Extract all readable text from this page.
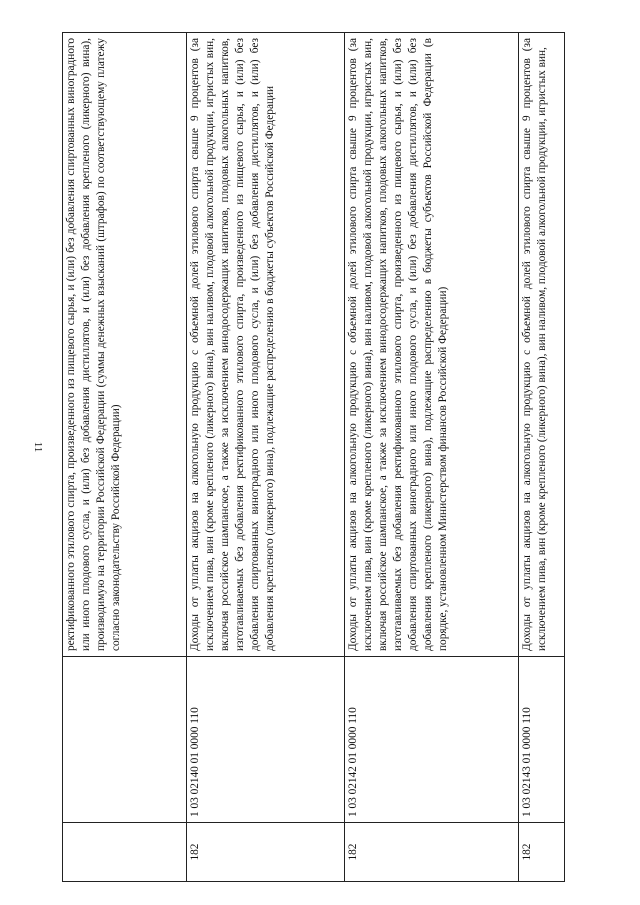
11
		ректификованного этилового спирта, произведенного из пищевого сырья, и (или) без добавления спиртованных виноградного или иного плодового сусла, и (или) без добавления дистиллятов, и (или) без добавления крепленого (ликерного) вина), производимую на территории Российской Федерации (суммы денежных взысканий (штрафов) по соответствующему платежу согласно законодательству Российской Федерации)
182	1 03 02140 01 0000 110	Доходы от уплаты акцизов на алкогольную продукцию с объемной долей этилового спирта свыше 9 процентов (за исключением пива, вин (кроме крепленого (ликерного) вина), вин наливом, плодовой алкогольной продукции, игристых вин, включая российское шампанское, а также за исключением винодосодержащих напитков, плодовых алкогольных напитков, изготавливаемых без добавления ректификованного этилового спирта, произведенного из пищевого сырья, и (или) без добавления спиртованных виноградного или иного плодового сусла, и (или) без добавления дистиллятов, и (или) без добавления крепленого (ликерного) вина), подлежащие распределению в бюджеты субъектов Российской Федерации
182	1 03 02142 01 0000 110	Доходы от уплаты акцизов на алкогольную продукцию с объемной долей этилового спирта свыше 9 процентов (за исключением пива, вин (кроме крепленого (ликерного) вина), вин наливом, плодовой алкогольной продукции, игристых вин, включая российское шампанское, а также за исключением винодосодержащих напитков, плодовых алкогольных напитков, изготавливаемых без добавления ректификованного этилового спирта, произведенного из пищевого сырья, и (или) без добавления спиртованных виноградного или иного плодового сусла, и (или) без добавления дистиллятов, и (или) без добавления крепленого (ликерного) вина), подлежащие распределению в бюджеты субъектов Российской Федерации (в порядке, установленном Министерством финансов Российской Федерации)
182	1 03 02143 01 0000 110	Доходы от уплаты акцизов на алкогольную продукцию с объемной долей этилового спирта свыше 9 процентов (за исключением пива, вин (кроме крепленого (ликерного) вина), вин наливом, плодовой алкогольной продукции, игристых вин,
